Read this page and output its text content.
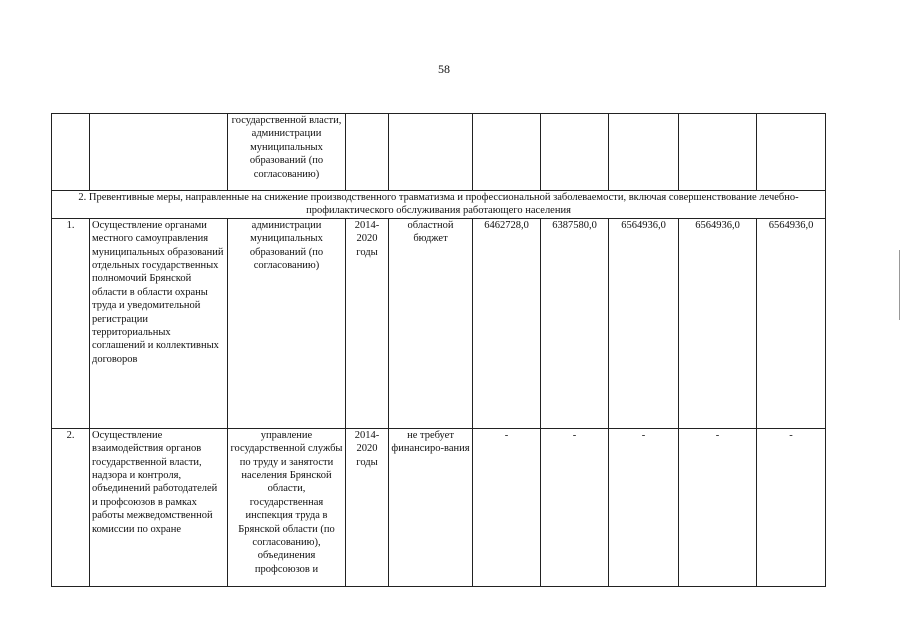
58
		государственной власти, администрации муниципальных образований (по согласованию)							
2. Превентивные меры, направленные на снижение производственного травматизма и профессиональной заболеваемости, включая совершенствование лечебно-профилактического обслуживания работающего населения									
1.	Осуществление органами местного самоуправления муниципальных образований отдельных государственных полномочий Брянской области в области охраны труда и уведомительной регистрации территориальных соглашений и коллективных договоров	администрации муниципальных образований (по согласованию)	2014-2020 годы	областной бюджет	6462728,0	6387580,0	6564936,0	6564936,0	6564936,0
2.	Осуществление взаимодействия органов государственной власти, надзора и контроля, объединений работодателей и профсоюзов в рамках работы межведомственной комиссии по охране	управление государственной службы по труду и занятости населения Брянской области, государственная инспекция труда в Брянской области (по согласованию), объединения профсоюзов и	2014-2020 годы	не требует финансиро-вания	-	-	-	-	-
